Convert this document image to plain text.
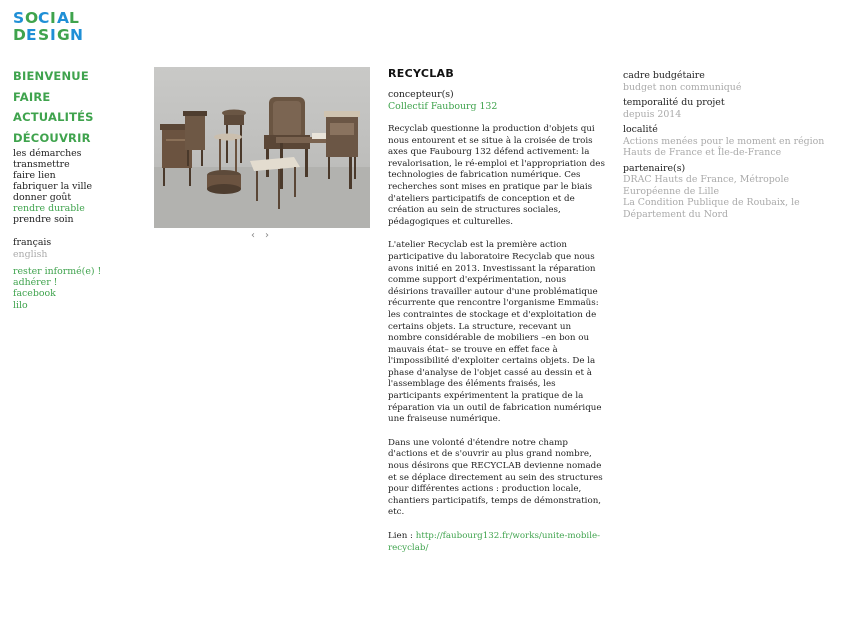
S O C I A L
D E S I G N
BIENVENUE
FAIRE
ACTUALITÉS
DÉCOUVRIR
les démarches
transmettre
faire lien
fabriquer la ville
donner goût
rendre durable
prendre soin
français
english
rester informé(e) !
adhérer !
facebook
lilo
‹ ›
RECYCLAB
concepteur(s)
Collectif Faubourg 132

Recyclab questionne la production d'objets qui nous entourent et se situe à la croisée de trois axes que Faubourg 132 défend activement: la revalorisation, le ré-emploi et l'appropriation des technologies de fabrication numérique. Ces recherches sont mises en pratique par le biais d'ateliers participatifs de conception et de création au sein de structures sociales, pédagogiques et culturelles.

L'atelier Recyclab est la première action participative du laboratoire Recyclab que nous avons initié en 2013. Investissant la réparation comme support d'expérimentation, nous désirions travailler autour d'une problématique récurrente que rencontre l'organisme Emmaüs: les contraintes de stockage et d'exploitation de certains objets. La structure, recevant un nombre considérable de mobiliers –en bon ou mauvais état– se trouve en effet face à l'impossibilité d'exploiter certains objets. De la phase d'analyse de l'objet cassé au dessin et à l'assemblage des éléments fraisés, les participants expérimentent la pratique de la réparation via un outil de fabrication numérique une fraiseuse numérique.

Dans une volonté d'étendre notre champ d'actions et de s'ouvrir au plus grand nombre, nous désirons que RECYCLAB devienne nomade et se déplace directement au sein des structures pour différentes actions : production locale, chantiers participatifs, temps de démonstration, etc.

Lien : http://faubourg132.fr/works/unite-mobile-recyclab/

cadre budgétaire
budget non communiqué
temporalité du projet
depuis 2014
localité
Actions menées pour le moment en région Hauts de France et Île-de-France
partenaire(s)
DRAC Hauts de France, Métropole Européenne de Lille
La Condition Publique de Roubaix, le Département du Nord
